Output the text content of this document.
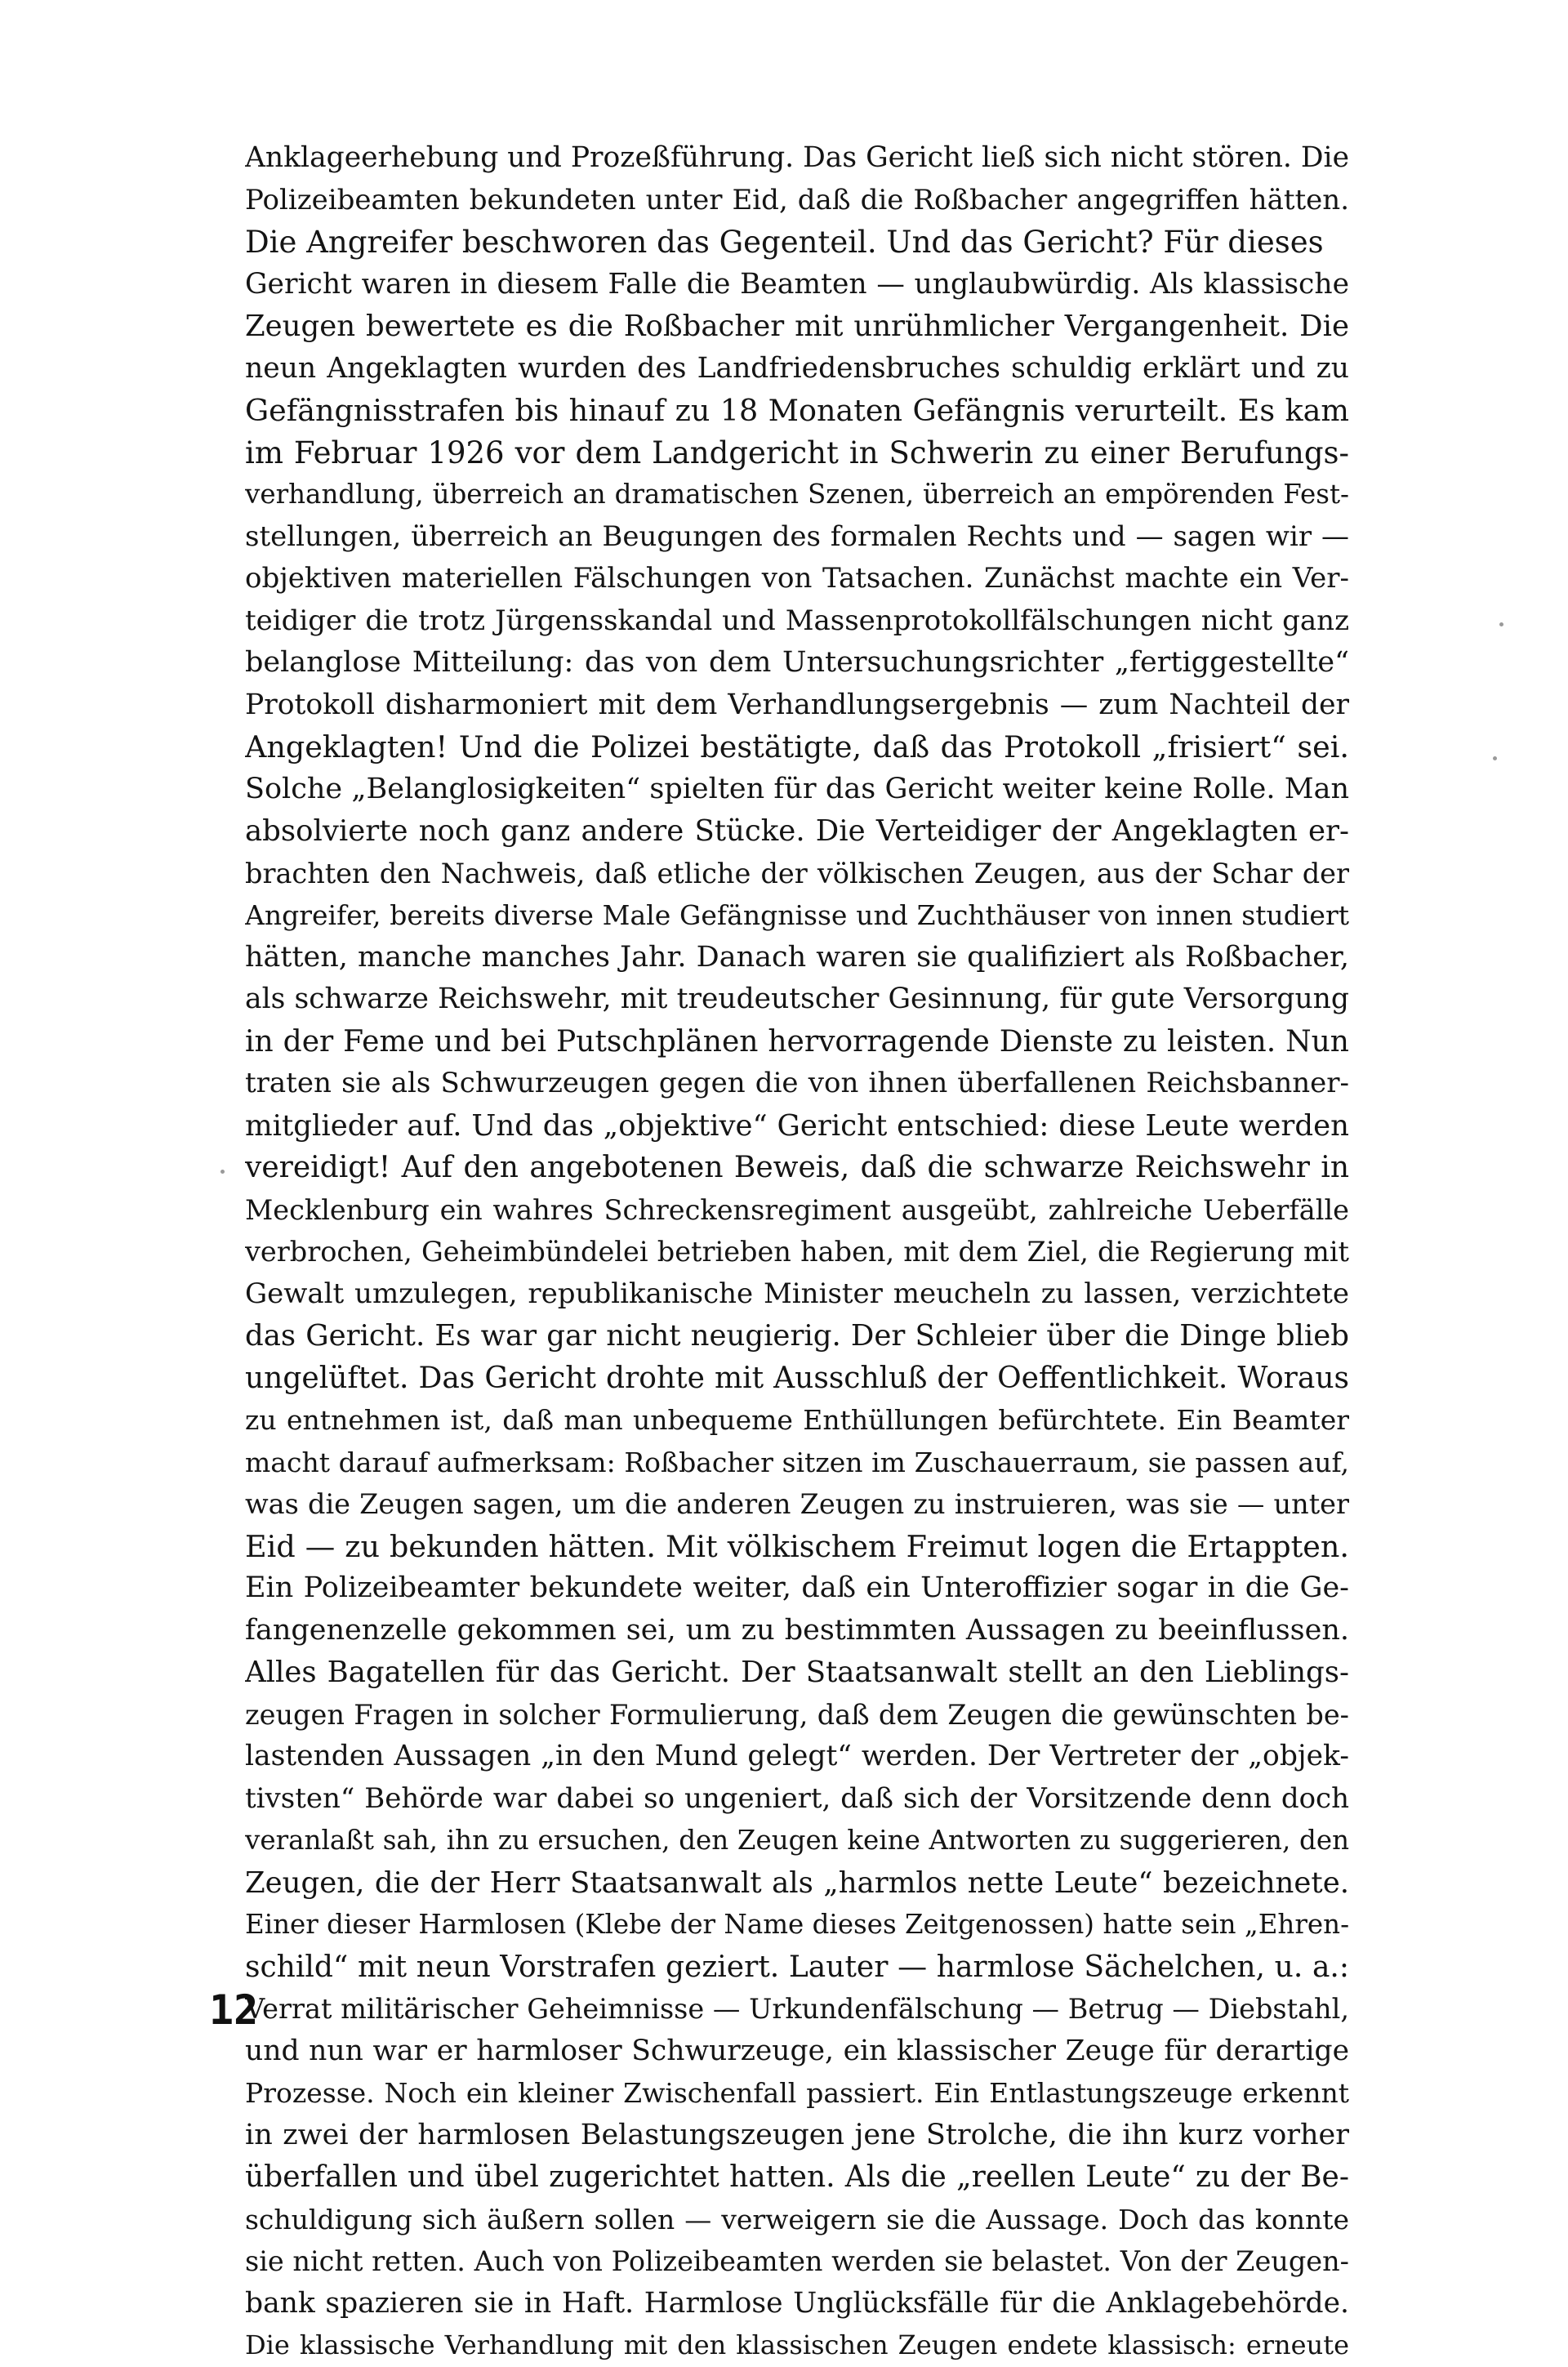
Anklageerhebung und Prozeßführung. Das Gericht ließ sich nicht stören. Die
Polizeibeamten bekundeten unter Eid, daß die Roßbacher angegriffen hätten.
Die Angreifer beschworen das Gegenteil. Und das Gericht? Für dieses
Gericht waren in diesem Falle die Beamten — unglaubwürdig. Als klassische
Zeugen bewertete es die Roßbacher mit unrühmlicher Vergangenheit. Die
neun Angeklagten wurden des Landfriedensbruches schuldig erklärt und zu
Gefängnisstrafen bis hinauf zu 18 Monaten Gefängnis verurteilt. Es kam
im Februar 1926 vor dem Landgericht in Schwerin zu einer Berufungs-
verhandlung, überreich an dramatischen Szenen, überreich an empörenden Fest-
stellungen, überreich an Beugungen des formalen Rechts und — sagen wir —
objektiven materiellen Fälschungen von Tatsachen. Zunächst machte ein Ver-
teidiger die trotz Jürgensskandal und Massenprotokollfälschungen nicht ganz
belanglose Mitteilung: das von dem Untersuchungsrichter „fertiggestellte“
Protokoll disharmoniert mit dem Verhandlungsergebnis — zum Nachteil der
Angeklagten! Und die Polizei bestätigte, daß das Protokoll „frisiert“ sei.
Solche „Belanglosigkeiten“ spielten für das Gericht weiter keine Rolle. Man
absolvierte noch ganz andere Stücke. Die Verteidiger der Angeklagten er-
brachten den Nachweis, daß etliche der völkischen Zeugen, aus der Schar der
Angreifer, bereits diverse Male Gefängnisse und Zuchthäuser von innen studiert
hätten, manche manches Jahr. Danach waren sie qualifiziert als Roßbacher,
als schwarze Reichswehr, mit treudeutscher Gesinnung, für gute Versorgung
in der Feme und bei Putschplänen hervorragende Dienste zu leisten. Nun
traten sie als Schwurzeugen gegen die von ihnen überfallenen Reichsbanner-
mitglieder auf. Und das „objektive“ Gericht entschied: diese Leute werden
vereidigt! Auf den angebotenen Beweis, daß die schwarze Reichswehr in
Mecklenburg ein wahres Schreckensregiment ausgeübt, zahlreiche Ueberfälle
verbrochen, Geheimbündelei betrieben haben, mit dem Ziel, die Regierung mit
Gewalt umzulegen, republikanische Minister meucheln zu lassen, verzichtete
das Gericht. Es war gar nicht neugierig. Der Schleier über die Dinge blieb
ungelüftet. Das Gericht drohte mit Ausschluß der Oeffentlichkeit. Woraus
zu entnehmen ist, daß man unbequeme Enthüllungen befürchtete. Ein Beamter
macht darauf aufmerksam: Roßbacher sitzen im Zuschauerraum, sie passen auf,
was die Zeugen sagen, um die anderen Zeugen zu instruieren, was sie — unter
Eid — zu bekunden hätten. Mit völkischem Freimut logen die Ertappten.
Ein Polizeibeamter bekundete weiter, daß ein Unteroffizier sogar in die Ge-
fangenenzelle gekommen sei, um zu bestimmten Aussagen zu beeinflussen.
Alles Bagatellen für das Gericht. Der Staatsanwalt stellt an den Lieblings-
zeugen Fragen in solcher Formulierung, daß dem Zeugen die gewünschten be-
lastenden Aussagen „in den Mund gelegt“ werden. Der Vertreter der „objek-
tivsten“ Behörde war dabei so ungeniert, daß sich der Vorsitzende denn doch
veranlaßt sah, ihn zu ersuchen, den Zeugen keine Antworten zu suggerieren, den
Zeugen, die der Herr Staatsanwalt als „harmlos nette Leute“ bezeichnete.
Einer dieser Harmlosen (Klebe der Name dieses Zeitgenossen) hatte sein „Ehren-
schild“ mit neun Vorstrafen geziert. Lauter — harmlose Sächelchen, u. a.:
Verrat militärischer Geheimnisse — Urkundenfälschung — Betrug — Diebstahl,
und nun war er harmloser Schwurzeuge, ein klassischer Zeuge für derartige
Prozesse. Noch ein kleiner Zwischenfall passiert. Ein Entlastungszeuge erkennt
in zwei der harmlosen Belastungszeugen jene Strolche, die ihn kurz vorher
überfallen und übel zugerichtet hatten. Als die „reellen Leute“ zu der Be-
schuldigung sich äußern sollen — verweigern sie die Aussage. Doch das konnte
sie nicht retten. Auch von Polizeibeamten werden sie belastet. Von der Zeugen-
bank spazieren sie in Haft. Harmlose Unglücksfälle für die Anklagebehörde.
Die klassische Verhandlung mit den klassischen Zeugen endete klassisch: erneute
12
